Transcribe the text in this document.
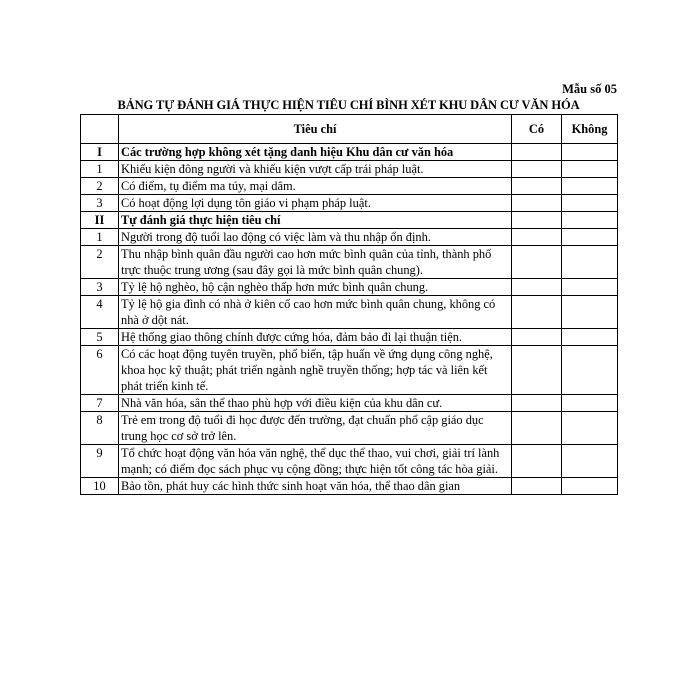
Mẫu số 05
BẢNG TỰ ĐÁNH GIÁ THỰC HIỆN TIÊU CHÍ BÌNH XÉT KHU DÂN CƯ VĂN HÓA
	Tiêu chí	Có	Không
I	Các trường hợp không xét tặng danh hiệu Khu dân cư văn hóa		
1	Khiếu kiện đông người và khiếu kiện vượt cấp trái pháp luật.		
2	Có điểm, tụ điểm ma túy, mại dâm.		
3	Có hoạt động lợi dụng tôn giáo vi phạm pháp luật.		
II	Tự đánh giá thực hiện tiêu chí		
1	Người trong độ tuổi lao động có việc làm và thu nhập ổn định.		
2	Thu nhập bình quân đầu người cao hơn mức bình quân của tỉnh, thành phố trực thuộc trung ương (sau đây gọi là mức bình quân chung).		
3	Tỷ lệ hộ nghèo, hộ cận nghèo thấp hơn mức bình quân chung.		
4	Tỷ lệ hộ gia đình có nhà ở kiên cố cao hơn mức bình quân chung, không có nhà ở dột nát.		
5	Hệ thống giao thông chính được cứng hóa, đảm bảo đi lại thuận tiện.		
6	Có các hoạt động tuyên truyền, phổ biến, tập huấn về ứng dụng công nghệ, khoa học kỹ thuật; phát triển ngành nghề truyền thống; hợp tác và liên kết phát triển kinh tế.		
7	Nhà văn hóa, sân thể thao phù hợp với điều kiện của khu dân cư.		
8	Trẻ em trong độ tuổi đi học được đến trường, đạt chuẩn phổ cập giáo dục trung học cơ sở trở lên.		
9	Tổ chức hoạt động văn hóa văn nghệ, thể dục thể thao, vui chơi, giải trí lành mạnh; có điểm đọc sách phục vụ cộng đồng; thực hiện tốt công tác hòa giải.		
10	Bảo tồn, phát huy các hình thức sinh hoạt văn hóa, thể thao dân gian		
